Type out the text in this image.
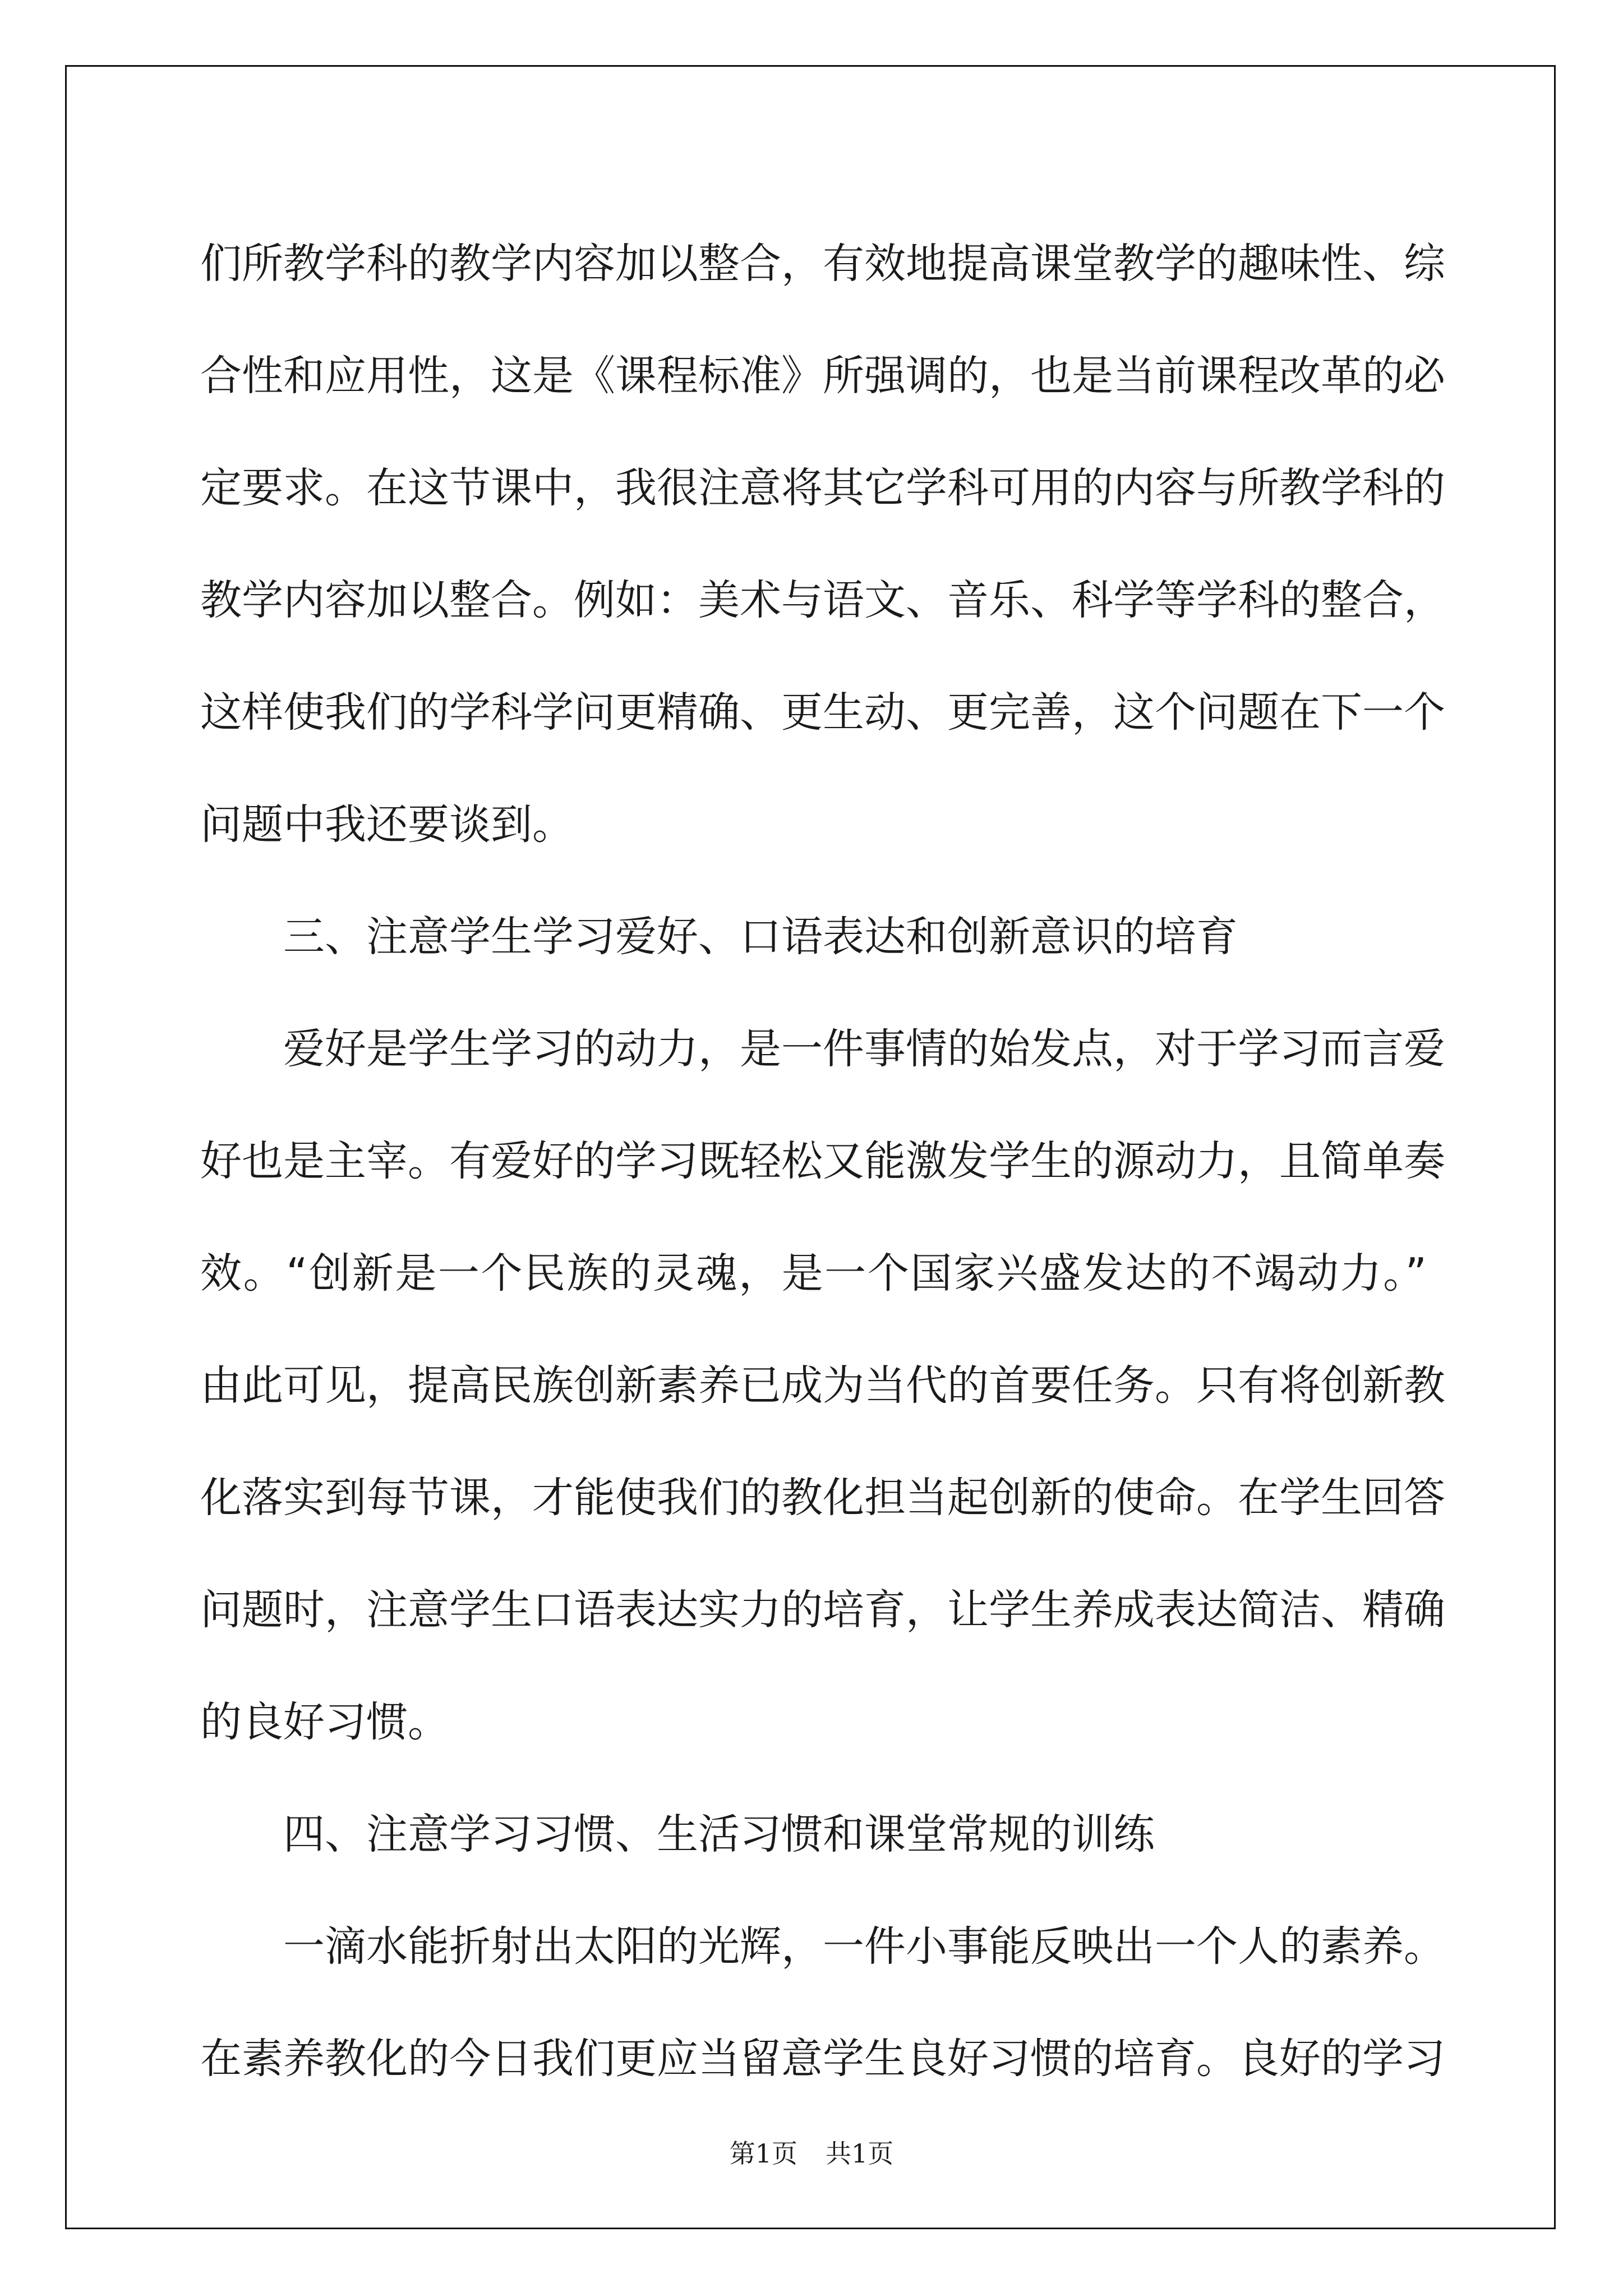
们所教学科的教学内容加以整合，有效地提高课堂教学的趣味性、综
合性和应用性，这是《课程标准》所强调的，也是当前课程改革的必
定要求。在这节课中，我很注意将其它学科可用的内容与所教学科的
教学内容加以整合。例如：美术与语文、音乐、科学等学科的整合，
这样使我们的学科学问更精确、更生动、更完善，这个问题在下一个
问题中我还要谈到。
三、注意学生学习爱好、口语表达和创新意识的培育
爱好是学生学习的动力，是一件事情的始发点，对于学习而言爱
好也是主宰。有爱好的学习既轻松又能激发学生的源动力，且简单奏
效。“创新是一个民族的灵魂，是一个国家兴盛发达的不竭动力。”
由此可见，提高民族创新素养已成为当代的首要任务。只有将创新教
化落实到每节课，才能使我们的教化担当起创新的使命。在学生回答
问题时，注意学生口语表达实力的培育，让学生养成表达简洁、精确
的良好习惯。
四、注意学习习惯、生活习惯和课堂常规的训练
一滴水能折射出太阳的光辉，一件小事能反映出一个人的素养。
在素养教化的今日我们更应当留意学生良好习惯的培育。良好的学习
第1页 共1页
